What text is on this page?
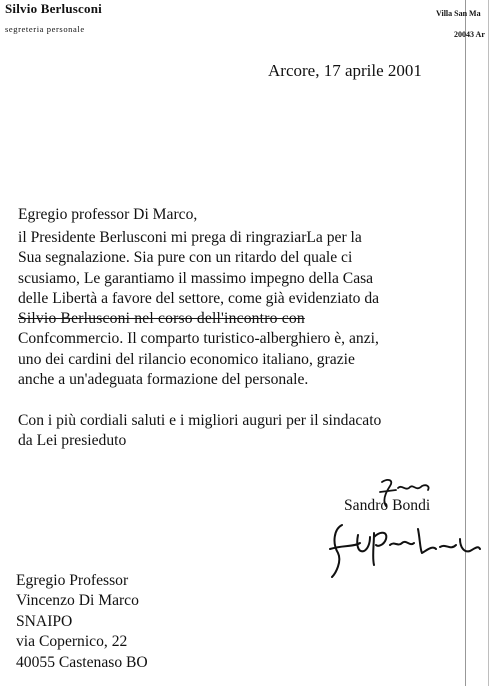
Silvio Berlusconi
segreteria personale
Villa San Ma
20043 Ar
Arcore, 17 aprile 2001
Egregio professor Di Marco,
il Presidente Berlusconi mi prega di ringraziarLa per la
Sua segnalazione. Sia pure con un ritardo del quale ci
scusiamo, Le garantiamo il massimo impegno della Casa
delle Libertà a favore del settore, come già evidenziato da
Silvio Berlusconi nel corso dell'incontro con
Confcommercio. Il comparto turistico-alberghiero è, anzi,
uno dei cardini del rilancio economico italiano, grazie
anche a un'adeguata formazione del personale.
Con i più cordiali saluti e i migliori auguri per il sindacato
da Lei presieduto
Sandro Bondi
Egregio Professor
Vincenzo Di Marco
SNAIPO
via Copernico, 22
40055 Castenaso BO
